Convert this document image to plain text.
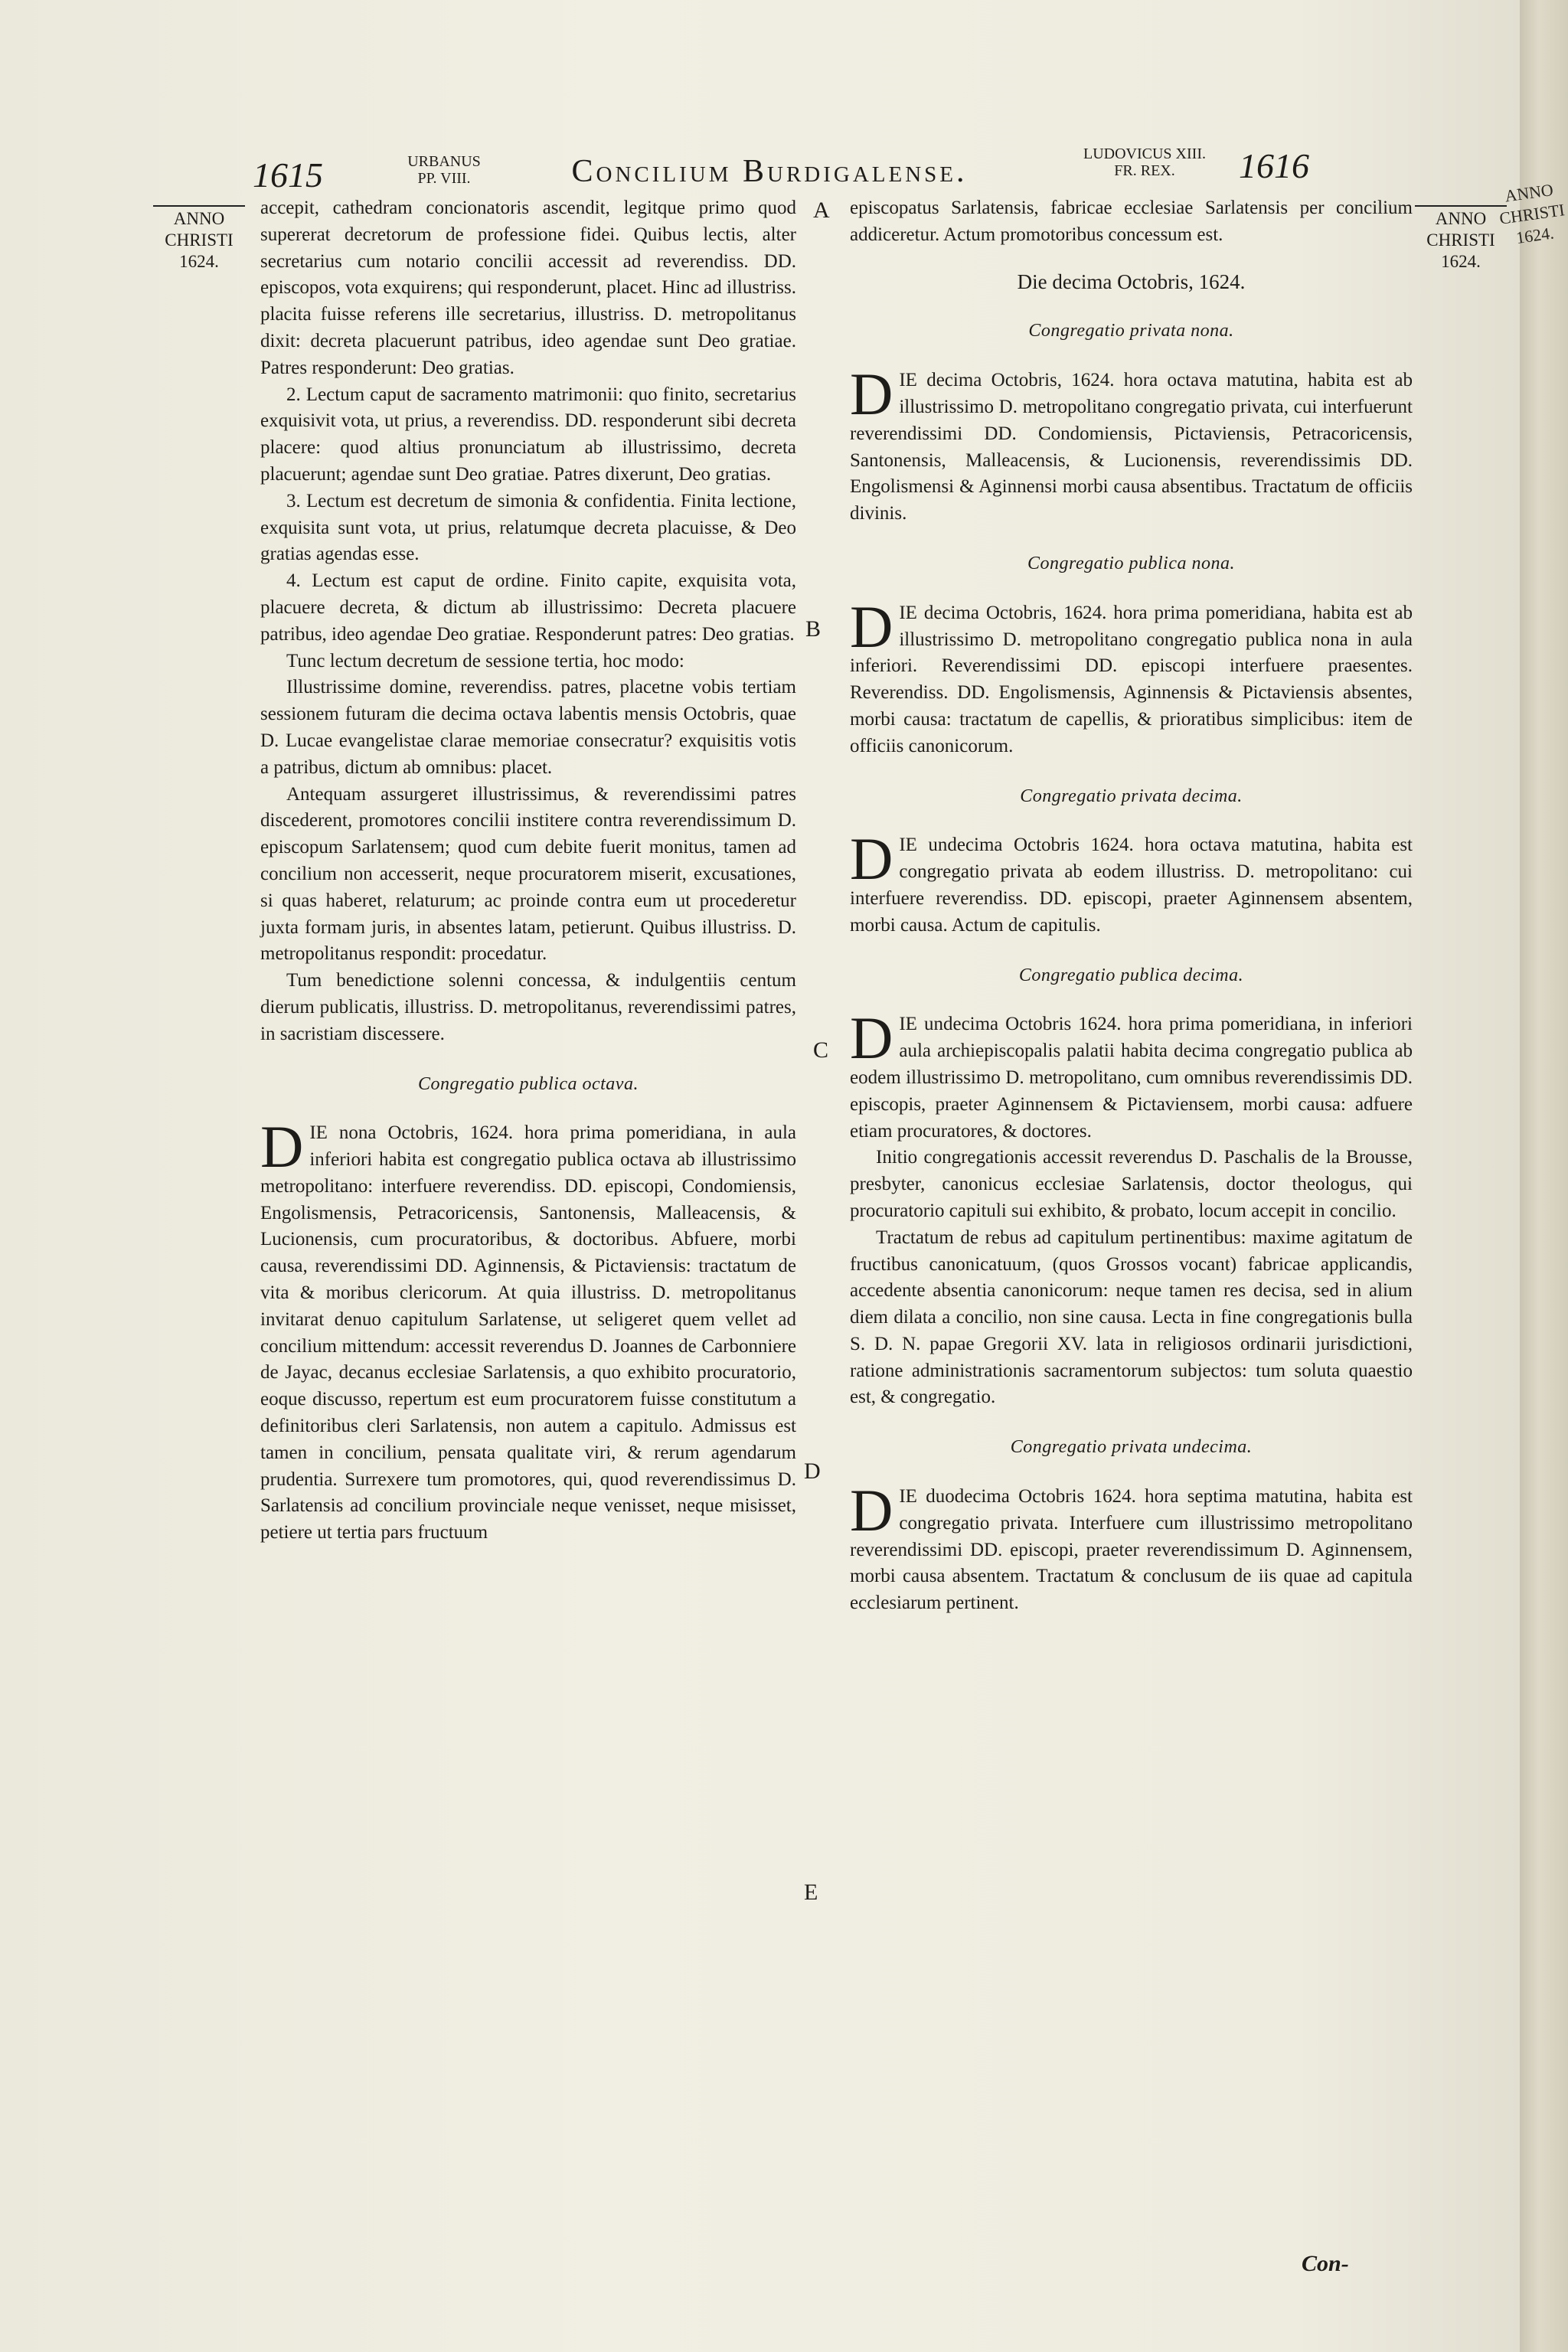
ANNO
CHRISTI
1624.
1615	URBANUS
PP. VIII.	Concilium Burdigalense.	LUDOVICUS XIII.
FR. REX.	1616
ANNO
CHRISTI
1624.
ANNO
CHRISTI
1624.
A
B
C
D
E

accepit, cathedram concionatoris ascendit, legitque primo quod supererat decretorum de professione fidei. Quibus lectis, alter secretarius cum notario concilii accessit ad reverendiss. DD. episcopos, vota exquirens; qui responderunt, placet. Hinc ad illustriss. placita fuisse referens ille secretarius, illustriss. D. metropolitanus dixit: decreta placuerunt patribus, ideo agendae sunt Deo gratiae. Patres responderunt: Deo gratias.

2. Lectum caput de sacramento matrimonii: quo finito, secretarius exquisivit vota, ut prius, a reverendiss. DD. responderunt sibi decreta placere: quod altius pronunciatum ab illustrissimo, decreta placuerunt; agendae sunt Deo gratiae. Patres dixerunt, Deo gratias.

3. Lectum est decretum de simonia & confidentia. Finita lectione, exquisita sunt vota, ut prius, relatumque decreta placuisse, & Deo gratias agendas esse.

4. Lectum est caput de ordine. Finito capite, exquisita vota, placuere decreta, & dictum ab illustrissimo: Decreta placuere patribus, ideo agendae Deo gratiae. Responderunt patres: Deo gratias.

Tunc lectum decretum de sessione tertia, hoc modo:

Illustrissime domine, reverendiss. patres, placetne vobis tertiam sessionem futuram die decima octava labentis mensis Octobris, quae D. Lucae evangelistae clarae memoriae consecratur? exquisitis votis a patribus, dictum ab omnibus: placet.

Antequam assurgeret illustrissimus, & reverendissimi patres discederent, promotores concilii institere contra reverendissimum D. episcopum Sarlatensem; quod cum debite fuerit monitus, tamen ad concilium non accesserit, neque procuratorem miserit, excusationes, si quas haberet, relaturum; ac proinde contra eum ut procederetur juxta formam juris, in absentes latam, petierunt. Quibus illustriss. D. metropolitanus respondit: procedatur.

Tum benedictione solenni concessa, & indulgentiis centum dierum publicatis, illustriss. D. metropolitanus, reverendissimi patres, in sacristiam discessere.

Congregatio publica octava.

DIE nona Octobris, 1624. hora prima pomeridiana, in aula inferiori habita est congregatio publica octava ab illustrissimo metropolitano: interfuere reverendiss. DD. episcopi, Condomiensis, Engolismensis, Petracoricensis, Santonensis, Malleacensis, & Lucionensis, cum procuratoribus, & doctoribus. Abfuere, morbi causa, reverendissimi DD. Aginnensis, & Pictaviensis: tractatum de vita & moribus clericorum. At quia illustriss. D. metropolitanus invitarat denuo capitulum Sarlatense, ut seligeret quem vellet ad concilium mittendum: accessit reverendus D. Joannes de Carbonniere de Jayac, decanus ecclesiae Sarlatensis, a quo exhibito procuratorio, eoque discusso, repertum est eum procuratorem fuisse constitutum a definitoribus cleri Sarlatensis, non autem a capitulo. Admissus est tamen in concilium, pensata qualitate viri, & rerum agendarum prudentia. Surrexere tum promotores, qui, quod reverendissimus D. Sarlatensis ad concilium provinciale neque venisset, neque misisset, petiere ut tertia pars fructuum

episcopatus Sarlatensis, fabricae ecclesiae Sarlatensis per concilium addiceretur. Actum promotoribus concessum est.

Die decima Octobris, 1624.
Congregatio privata nona.

DIE decima Octobris, 1624. hora octava matutina, habita est ab illustrissimo D. metropolitano congregatio privata, cui interfuerunt reverendissimi DD. Condomiensis, Pictaviensis, Petracoricensis, Santonensis, Malleacensis, & Lucionensis, reverendissimis DD. Engolismensi & Aginnensi morbi causa absentibus. Tractatum de officiis divinis.

Congregatio publica nona.

DIE decima Octobris, 1624. hora prima pomeridiana, habita est ab illustrissimo D. metropolitano congregatio publica nona in aula inferiori. Reverendissimi DD. episcopi interfuere praesentes. Reverendiss. DD. Engolismensis, Aginnensis & Pictaviensis absentes, morbi causa: tractatum de capellis, & prioratibus simplicibus: item de officiis canonicorum.

Congregatio privata decima.

DIE undecima Octobris 1624. hora octava matutina, habita est congregatio privata ab eodem illustriss. D. metropolitano: cui interfuere reverendiss. DD. episcopi, praeter Aginnensem absentem, morbi causa. Actum de capitulis.

Congregatio publica decima.

DIE undecima Octobris 1624. hora prima pomeridiana, in inferiori aula archiepiscopalis palatii habita decima congregatio publica ab eodem illustrissimo D. metropolitano, cum omnibus reverendissimis DD. episcopis, praeter Aginnensem & Pictaviensem, morbi causa: adfuere etiam procuratores, & doctores.

Initio congregationis accessit reverendus D. Paschalis de la Brousse, presbyter, canonicus ecclesiae Sarlatensis, doctor theologus, qui procuratorio capituli sui exhibito, & probato, locum accepit in concilio.

Tractatum de rebus ad capitulum pertinentibus: maxime agitatum de fructibus canonicatuum, (quos Grossos vocant) fabricae applicandis, accedente absentia canonicorum: neque tamen res decisa, sed in alium diem dilata a concilio, non sine causa. Lecta in fine congregationis bulla S. D. N. papae Gregorii XV. lata in religiosos ordinarii jurisdictioni, ratione administrationis sacramentorum subjectos: tum soluta quaestio est, & congregatio.

Congregatio privata undecima.

DIE duodecima Octobris 1624. hora septima matutina, habita est congregatio privata. Interfuere cum illustrissimo metropolitano reverendissimi DD. episcopi, praeter reverendissimum D. Aginnensem, morbi causa absentem. Tractatum & conclusum de iis quae ad capitula ecclesiarum pertinent.

Con-
